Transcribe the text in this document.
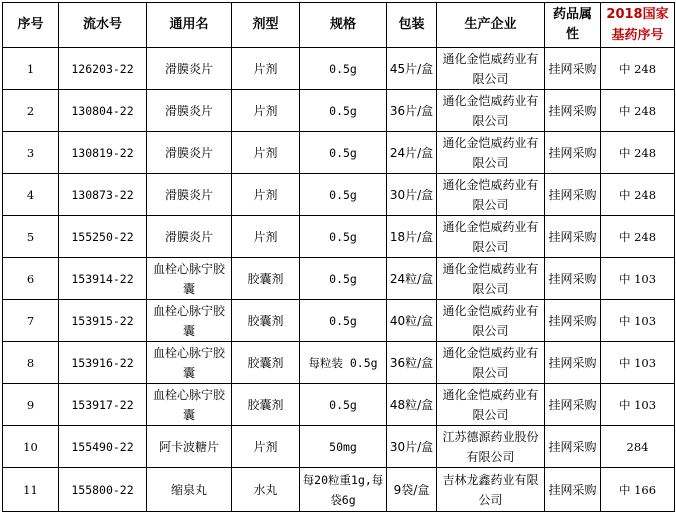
序号	流水号	通用名	剂型	规格	包装	生产企业	药品属性	2018国家基药序号
1	126203-22	滑膜炎片	片剂	0.5g	45片/盒	通化金恺威药业有限公司	挂网采购	中 248
2	130804-22	滑膜炎片	片剂	0.5g	36片/盒	通化金恺威药业有限公司	挂网采购	中 248
3	130819-22	滑膜炎片	片剂	0.5g	24片/盒	通化金恺威药业有限公司	挂网采购	中 248
4	130873-22	滑膜炎片	片剂	0.5g	30片/盒	通化金恺威药业有限公司	挂网采购	中 248
5	155250-22	滑膜炎片	片剂	0.5g	18片/盒	通化金恺威药业有限公司	挂网采购	中 248
6	153914-22	血栓心脉宁胶囊	胶囊剂	0.5g	24粒/盒	通化金恺威药业有限公司	挂网采购	中 103
7	153915-22	血栓心脉宁胶囊	胶囊剂	0.5g	40粒/盒	通化金恺威药业有限公司	挂网采购	中 103
8	153916-22	血栓心脉宁胶囊	胶囊剂	每粒装 0.5g	36粒/盒	通化金恺威药业有限公司	挂网采购	中 103
9	153917-22	血栓心脉宁胶囊	胶囊剂	0.5g	48粒/盒	通化金恺威药业有限公司	挂网采购	中 103
10	155490-22	阿卡波糖片	片剂	50mg	30片/盒	江苏德源药业股份有限公司	挂网采购	284
11	155800-22	缩泉丸	水丸	每20粒重1g,每袋6g	9袋/盒	吉林龙鑫药业有限公司	挂网采购	中 166
